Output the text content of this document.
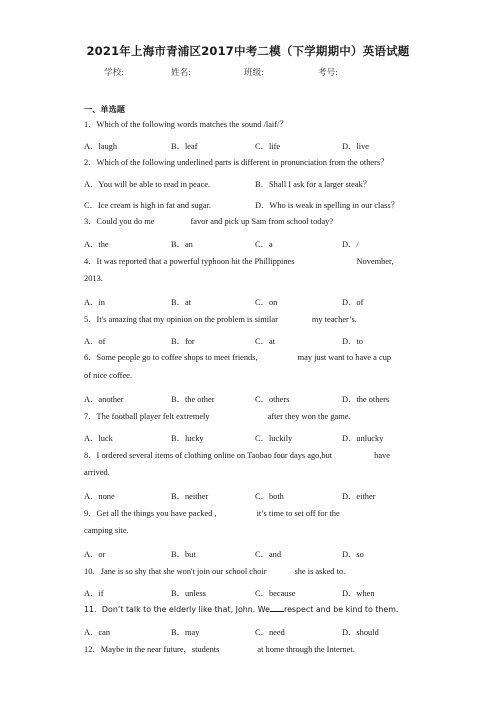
2021年上海市青浦区2017中考二模（下学期期中）英语试题
学校:	姓名:	班级:	考号:
一、单选题
1．Which of the following words matches the sound /laif/？
A．laugh	B．leaf	C．life	D．live
2．Which of the following underlined parts is different in pronunciation from the others？
A．You will be able to read in peace.	B．Shall I ask for a larger steak？
C．Ice cream is high in fat and sugar.	D．Who is weak in spelling in our class？
3．Could you do me	favor and pick up Sam from school today?
A．the	B．an	C．a	D．/
4．It was reported that a powerful typhoon hit the Phillippines	November,
2013.
A．in	B．at	C．on	D．of
5．It's amazing that my opinion on the problem is similar	my teacher’s.
A．of	B．for	C．at	D．to
6．Some people go to coffee shops to meet friends,	may just want to have a cup
of nice coffee.
A．another	B．the other	C．others	D．the others
7．The football player felt extremely	after they won the game.
A．luck	B．lucky	C．luckily	D．unlucky
8．I ordered several items of clothing online on Taobao four days ago,but	have
arrived.
A．none	B．neither	C．both	D．either
9．Get all the things you have packed ,	it’s time to set off for the
camping site.
A．or	B．but	C．and	D．so
10．Jane is so shy that she won't join our school choir	she is asked to.
A．if	B．unless	C．because	D．when
11．Don’t talk to the elderly like that, John. We respect and be kind to them.
A．can	B．may	C．need	D．should
12．Maybe in the near future，students	at home through the Internet.
